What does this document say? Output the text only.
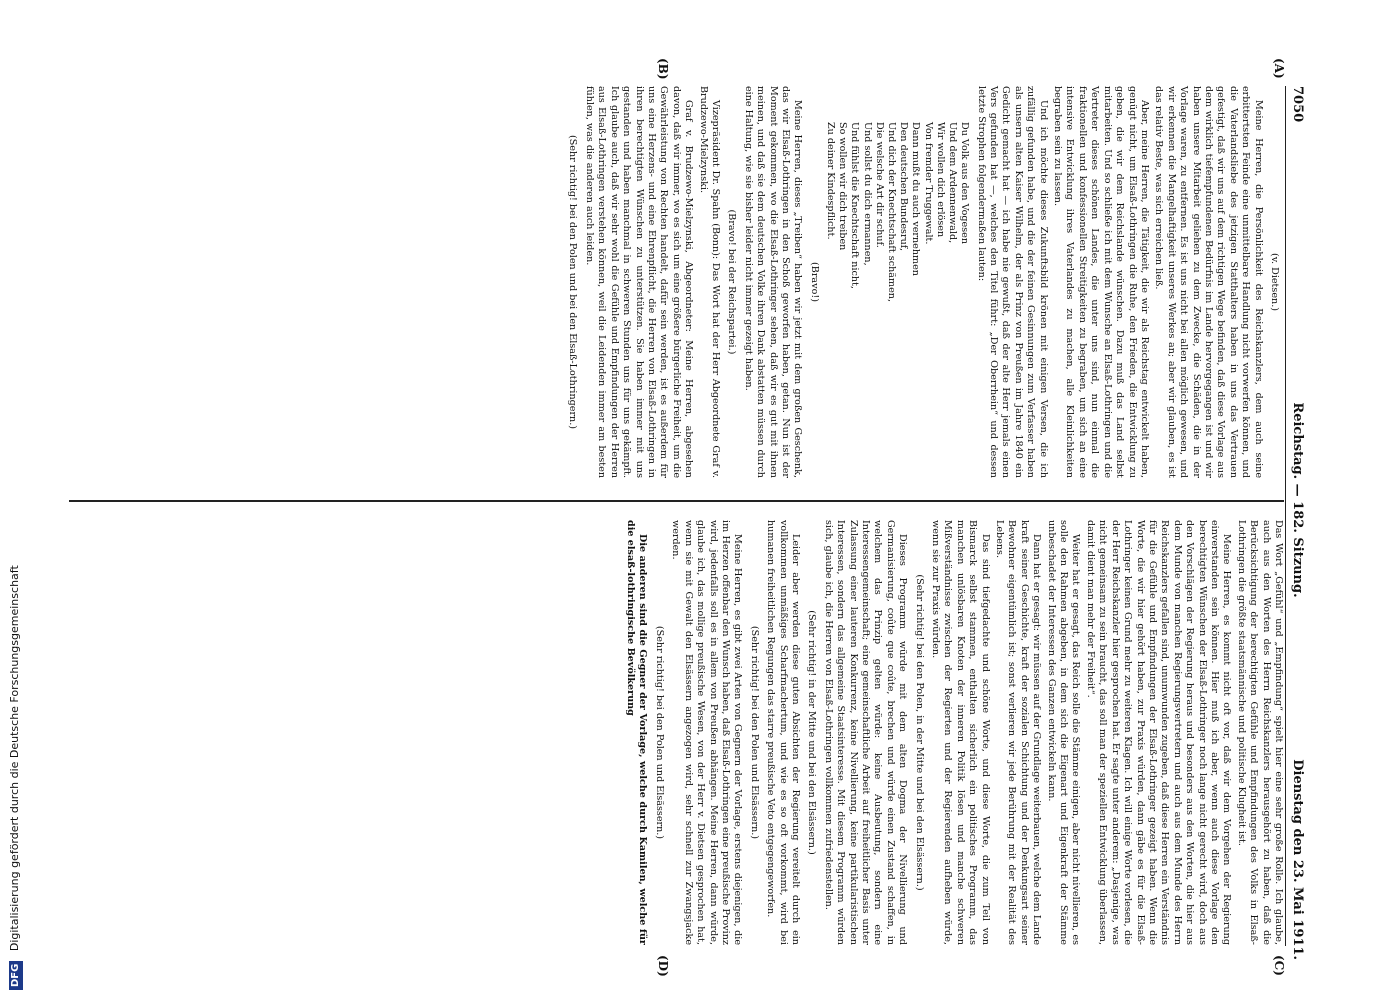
7050
Reichstag. — 182. Sitzung.
Dienstag den 23. Mai 1911.
(A)
(B)
(C)
(D)

(v. Dietsen.)

Meine Herren, die Persönlichkeit des Reichskanzlers, dem auch seine erbittertsten Feinde eine unmittelbare Handlung nicht vorwerfen können, und die Vaterlandsliebe des jetzigen Statthalters haben in uns das Vertrauen gefestigt, daß wir uns auf dem richtigen Wege befinden, daß diese Vorlage aus dem wirklich tiefempfundenen Bedürfnis im Lande hervorgegangen ist und wir haben unsere Mitarbeit geliehen zu dem Zwecke, die Schäden, die in der Vorlage waren, zu entfernen. Es ist uns nicht bei allen möglich gewesen, und wir erkennen die Mangelhaftigkeit unseres Werkes an; aber wir glauben, es ist das relativ Beste, was sich erreichen ließ.

Aber, meine Herren, die Tätigkeit, die wir als Reichstag entwickelt haben, genügt nicht, um Elsaß-Lothringen die Ruhe, den Frieden, die Entwicklung zu geben, die wir dem Reichslande wünschen. Dazu muß das Land selbst mitarbeiten. Und so schließe ich mit dem Wunsche an Elsaß-Lothringen und die Vertreter dieses schönen Landes, die unter uns sind, nun einmal die fraktionellen und konfessionellen Streitigkeiten zu begraben, um sich an eine intensive Entwicklung ihres Vaterlandes zu machen, alle Kleinlichkeiten begraben sein zu lassen.

Und ich möchte dieses Zukunftsbild krönen mit einigen Versen, die ich zufällig gefunden habe, und die der feinen Gesinnungen zum Verfasser haben als unsern alten Kaiser Wilhelm, der als Prinz von Preußen im Jahre 1840 ein Gedicht gemacht hat — ich habe nie gewußt, daß der alte Herr jemals einen Vers gefunden hat —, welches den Titel führt: „Der Oberrhein“ und dessen letzte Strophen folgendermaßen lauten:

Du Volk aus den Vogesen
Und dem Ardennenwald,
Wir wollen dich erlösen
Von fremder Truggewalt.
Dann mußt du auch vernehmen
Den deutschen Bundesruf,
Und dich der Knechtschaft schämen,
Die welsche Art dir schuf.
Und sollst du dich ermannen,
Und fühlst die Knechtschaft nicht,
So wollen wir dich treiben
Zu deiner Kindespflicht.

(Bravo!)

Meine Herren, dieses „Treiben“ haben wir jetzt mit dem großen Geschenk, das wir Elsaß-Lothringen in den Schoß geworfen haben, getan. Nun ist der Moment gekommen, wo die Elsaß-Lothringer sehen, daß wir es gut mit ihnen meinen, und daß sie dem deutschen Volke ihren Dank abstatten müssen durch eine Haltung, wie sie bisher leider nicht immer gezeigt haben.

(Bravo! bei der Reichspartei.)

Vizepräsident Dr. Spahn (Bonn): Das Wort hat der Herr Abgeordnete Graf v. Brudzewo-Mielzynski.

Graf v. Brudzewo-Mielzynski, Abgeordneter: Meine Herren, abgesehen davon, daß wir immer, wo es sich um eine größere bürgerliche Freiheit, um die Gewährleistung von Rechten handelt, dafür sein werden, ist es außerdem für uns eine Herzens- und eine Ehrenpflicht, die Herren von Elsaß-Lothringen in ihren berechtigten Wünschen zu unterstützen. Sie haben immer mit uns gestanden und haben manchmal in schweren Stunden uns für uns gekämpft. Ich glaube auch, daß wir sehr wohl die Gefühle und Empfindungen der Herren aus Elsaß-Lothringen verstehen können, weil die Leidenden immer am besten fühlen, was die anderen auch leiden.

(Sehr richtig! bei den Polen und bei den Elsaß-Lothringern.)

Das Wort „Gefühl“ und „Empfindung“ spielt hier eine sehr große Rolle. Ich glaube, auch aus den Worten des Herrn Reichskanzlers herausgehört zu haben, daß die Berücksichtigung der berechtigten Gefühle und Empfindungen des Volks in Elsaß-Lothringen die größte staatsmännische und politische Klugheit ist.

Meine Herren, es kommt nicht oft vor, daß wir dem Vorgehen der Regierung einverstanden sein können. Hier muß ich aber, wenn auch diese Vorlage den berechtigten Wünschen der Elsaß-Lothringer noch lange nicht gerecht wird, doch aus den Vorschlägen der Regierung heraus und besonders aus den Worten, die hier aus dem Munde von manchen Regierungsvertretern und auch aus dem Munde des Herrn Reichskanzlers gefallen sind, unumwunden zugeben, daß diese Herren ein Verständnis für die Gefühle und Empfindungen der Elsaß-Lothringer gezeigt haben. Wenn die Worte, die wir hier gehört haben, zur Praxis würden, dann gäbe es für die Elsaß-Lothringer keinen Grund mehr zu weiteren Klagen. Ich will einige Worte vorlesen, die der Herr Reichskanzler hier gesprochen hat. Er sagte unter anderem: „Dasjenige, was nicht gemeinsam zu sein braucht, das soll man der speziellen Entwicklung überlassen, damit dient man mehr der Freiheit“.

Weiter hat er gesagt, das Reich solle die Stämme einigen, aber nicht nivellieren, es solle den Rahmen abgeben, in dem sich die Eigenart und Eigenkraft der Stämme unbeschadet der Interessen des Ganzen entwickeln kann.

Dann hat er gesagt: wir müssen auf der Grundlage weiterbauen, welche dem Lande kraft seiner Geschichte, kraft der sozialen Schichtung und der Denkungsart seiner Bewohner eigentümlich ist; sonst verlieren wir jede Berührung mit der Realität des Lebens.

Das sind tiefgedachte und schöne Worte, und diese Worte, die zum Teil von Bismarck selbst stammen, enthalten sicherlich ein politisches Programm, das manchen unlösbaren Knoten der inneren Politik lösen und manche schweren Mißverständnisse zwischen der Regierten und der Regierenden aufheben würde, wenn sie zur Praxis würden.

(Sehr richtig! bei den Polen, in der Mitte und bei den Elsässern.)

Dieses Programm würde mit dem alten Dogma der Nivellierung und Germanisierung, coûte que coûte, brechen und würde einen Zustand schaffen, in welchem das Prinzip gelten würde: keine Ausbeutung, sondern eine Interessengemeinschaft; eine gemeinschaftliche Arbeit auf freiheitlicher Basis unter Zulassung einer lauteren Konkurrenz, keine Nivellierung, keine partikularistischen Interessen, sondern das allgemeine Staatsinteresse. Mit diesem Programm würden sich, glaube ich, die Herren von Elsaß-Lothringen vollkommen zufriedenstellen.

(Sehr richtig! in der Mitte und bei den Elsässern.)

Leider aber werden diese guten Absichten der Regierung vereitelt durch ein vollkommen unmäßiges Scharfmachertum, und wie es so oft vorkommt, wird bei humanen freiheitlichen Regungen das starre preußische Veto entgegengeworfen.

(Sehr richtig! bei den Polen und Elsässern.)

Meine Herren, es gibt zwei Arten von Gegnern der Vorlage, erstens diejenigen, die im Herzen offenbar den Wunsch haben, daß Elsaß-Lothringen eine preußische Provinz wird, jedenfalls soll es in allem von Preußen abhängen. Meine Herren, dann würde, glaube ich, das mollige preußische Wesen, von der Herr v. Dietsen gesprochen hat, wenn sie mit Gewalt den Elsässern angezogen wird, sehr schnell zur Zwangsjacke werden.

(Sehr richtig! bei den Polen und Elsässern.)

Die anderen sind die Gegner der Vorlage, welche durch Kamilen, welche für die elsaß-lothringische Bevölkerung

DFG Digitalisierung gefördert durch die Deutsche Forschungsgemeinschaft
